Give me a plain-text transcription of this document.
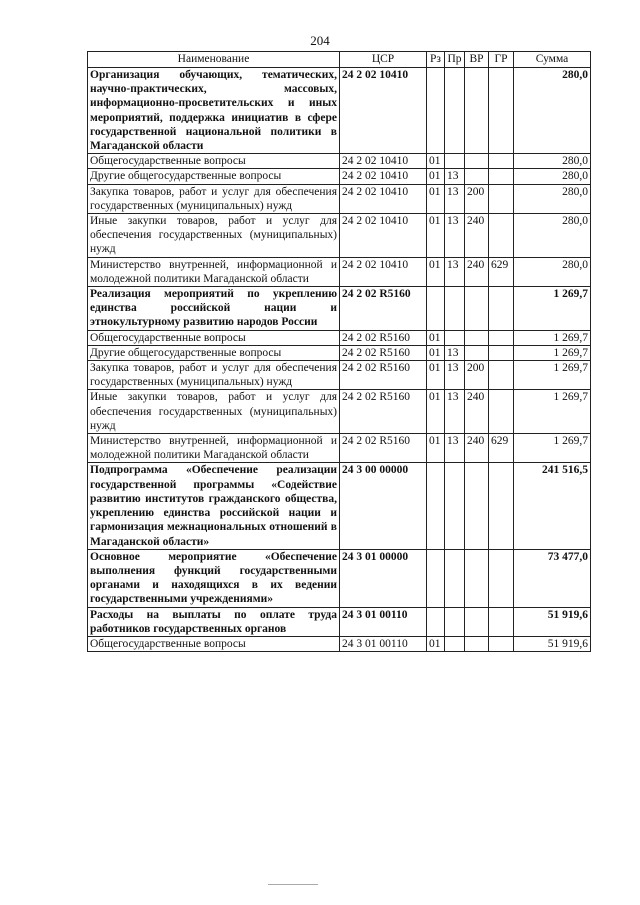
204
Наименование	ЦСР	Рз	Пр	ВР	ГР	Сумма
Организация обучающих, тематических, научно-практических, массовых, информационно-просветительских и иных мероприятий, поддержка инициатив в сфере государственной национальной политики в Магаданской области	24 2 02 10410					280,0
Общегосударственные вопросы	24 2 02 10410	01				280,0
Другие общегосударственные вопросы	24 2 02 10410	01	13			280,0
Закупка товаров, работ и услуг для обеспечения государственных (муниципальных) нужд	24 2 02 10410	01	13	200		280,0
Иные закупки товаров, работ и услуг для обеспечения государственных (муниципальных) нужд	24 2 02 10410	01	13	240		280,0
Министерство внутренней, информационной и молодежной политики Магаданской области	24 2 02 10410	01	13	240	629	280,0
Реализация мероприятий по укреплению единства российской нации и этнокультурному развитию народов России	24 2 02 R5160					1 269,7
Общегосударственные вопросы	24 2 02 R5160	01				1 269,7
Другие общегосударственные вопросы	24 2 02 R5160	01	13			1 269,7
Закупка товаров, работ и услуг для обеспечения государственных (муниципальных) нужд	24 2 02 R5160	01	13	200		1 269,7
Иные закупки товаров, работ и услуг для обеспечения государственных (муниципальных) нужд	24 2 02 R5160	01	13	240		1 269,7
Министерство внутренней, информационной и молодежной политики Магаданской области	24 2 02 R5160	01	13	240	629	1 269,7
Подпрограмма «Обеспечение реализации государственной программы «Содействие развитию институтов гражданского общества, укреплению единства российской нации и гармонизация межнациональных отношений в Магаданской области»	24 3 00 00000					241 516,5
Основное мероприятие «Обеспечение выполнения функций государственными органами и находящихся в их ведении государственными учреждениями»	24 3 01 00000					73 477,0
Расходы на выплаты по оплате труда работников государственных органов	24 3 01 00110					51 919,6
Общегосударственные вопросы	24 3 01 00110	01				51 919,6
